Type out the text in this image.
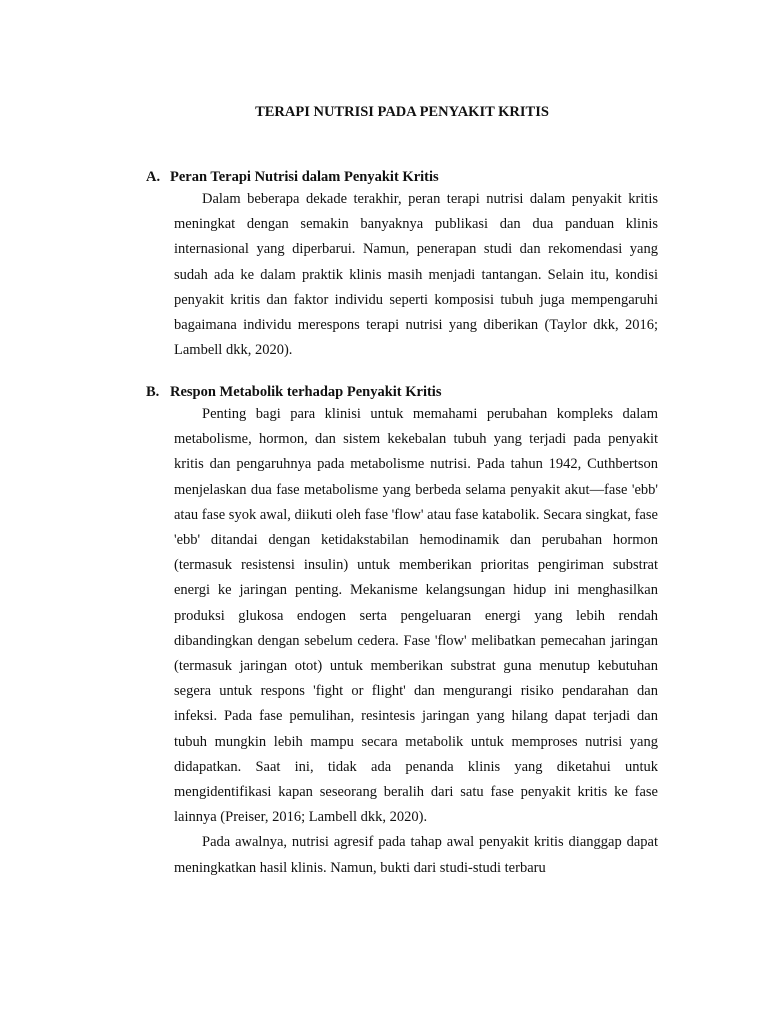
TERAPI NUTRISI PADA PENYAKIT KRITIS
A. Peran Terapi Nutrisi dalam Penyakit Kritis

Dalam beberapa dekade terakhir, peran terapi nutrisi dalam penyakit kritis meningkat dengan semakin banyaknya publikasi dan dua panduan klinis internasional yang diperbarui. Namun, penerapan studi dan rekomendasi yang sudah ada ke dalam praktik klinis masih menjadi tantangan. Selain itu, kondisi penyakit kritis dan faktor individu seperti komposisi tubuh juga mempengaruhi bagaimana individu merespons terapi nutrisi yang diberikan (Taylor dkk, 2016; Lambell dkk, 2020).

B. Respon Metabolik terhadap Penyakit Kritis

Penting bagi para klinisi untuk memahami perubahan kompleks dalam metabolisme, hormon, dan sistem kekebalan tubuh yang terjadi pada penyakit kritis dan pengaruhnya pada metabolisme nutrisi. Pada tahun 1942, Cuthbertson menjelaskan dua fase metabolisme yang berbeda selama penyakit akut—fase 'ebb' atau fase syok awal, diikuti oleh fase 'flow' atau fase katabolik. Secara singkat, fase 'ebb' ditandai dengan ketidakstabilan hemodinamik dan perubahan hormon (termasuk resistensi insulin) untuk memberikan prioritas pengiriman substrat energi ke jaringan penting. Mekanisme kelangsungan hidup ini menghasilkan produksi glukosa endogen serta pengeluaran energi yang lebih rendah dibandingkan dengan sebelum cedera. Fase 'flow' melibatkan pemecahan jaringan (termasuk jaringan otot) untuk memberikan substrat guna menutup kebutuhan segera untuk respons 'fight or flight' dan mengurangi risiko pendarahan dan infeksi. Pada fase pemulihan, resintesis jaringan yang hilang dapat terjadi dan tubuh mungkin lebih mampu secara metabolik untuk memproses nutrisi yang didapatkan. Saat ini, tidak ada penanda klinis yang diketahui untuk mengidentifikasi kapan seseorang beralih dari satu fase penyakit kritis ke fase lainnya (Preiser, 2016; Lambell dkk, 2020).

Pada awalnya, nutrisi agresif pada tahap awal penyakit kritis dianggap dapat meningkatkan hasil klinis. Namun, bukti dari studi-studi terbaru
